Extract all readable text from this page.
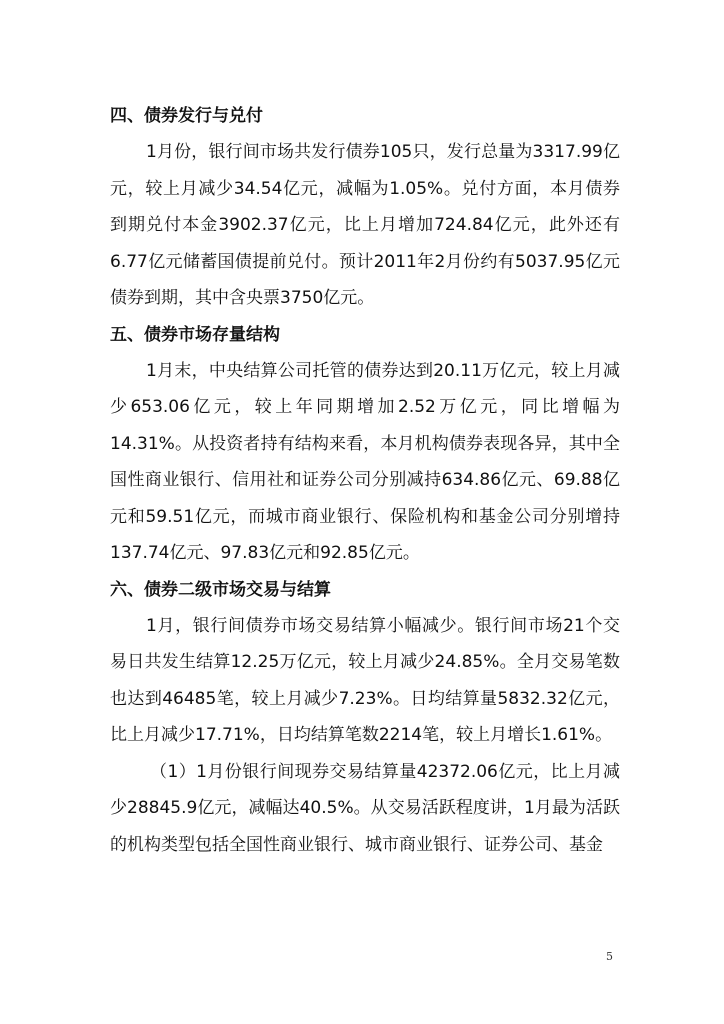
四、债券发行与兑付

1月份，银行间市场共发行债券105只，发行总量为3317.99亿元，较上月减少34.54亿元，减幅为1.05%。兑付方面，本月债券到期兑付本金3902.37亿元，比上月增加724.84亿元，此外还有6.77亿元储蓄国债提前兑付。预计2011年2月份约有5037.95亿元债券到期，其中含央票3750亿元。

五、债券市场存量结构

1月末，中央结算公司托管的债券达到20.11万亿元，较上月减少653.06亿元，较上年同期增加2.52万亿元，同比增幅为14.31%。从投资者持有结构来看，本月机构债券表现各异，其中全国性商业银行、信用社和证券公司分别减持634.86亿元、69.88亿元和59.51亿元，而城市商业银行、保险机构和基金公司分别增持137.74亿元、97.83亿元和92.85亿元。

六、债券二级市场交易与结算

1月，银行间债券市场交易结算小幅减少。银行间市场21个交易日共发生结算12.25万亿元，较上月减少24.85%。全月交易笔数也达到46485笔，较上月减少7.23%。日均结算量5832.32亿元，比上月减少17.71%，日均结算笔数2214笔，较上月增长1.61%。

（1）1月份银行间现券交易结算量42372.06亿元，比上月减少28845.9亿元，减幅达40.5%。从交易活跃程度讲，1月最为活跃的机构类型包括全国性商业银行、城市商业银行、证券公司、基金

5
